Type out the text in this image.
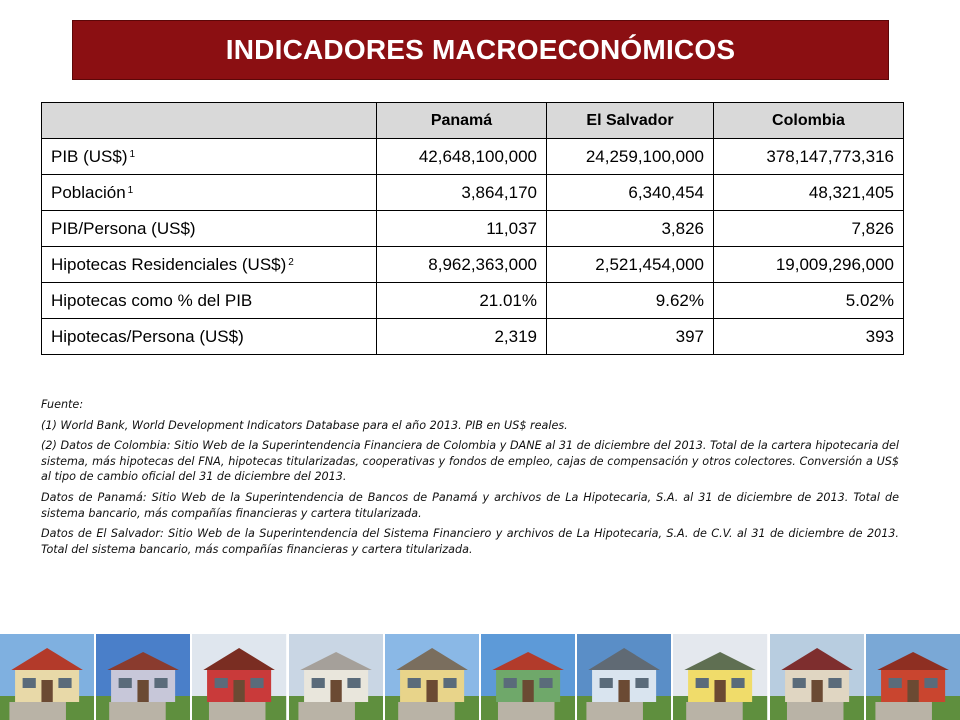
INDICADORES MACROECONÓMICOS
	Panamá	El Salvador	Colombia
PIB (US$) $^1$	42,648,100,000	24,259,100,000	378,147,773,316
Población $^1$	3,864,170	6,340,454	48,321,405
PIB/Persona (US$)	11,037	3,826	7,826
Hipotecas Residenciales (US$) $^2$	8,962,363,000	2,521,454,000	19,009,296,000
Hipotecas como % del PIB	21.01%	9.62%	5.02%
Hipotecas/Persona (US$)	2,319	397	393

Fuente:

(1) World Bank, World Development Indicators Database para el año 2013. PIB en US$ reales.

(2) Datos de Colombia: Sitio Web de la Superintendencia Financiera de Colombia y DANE al 31 de diciembre del 2013. Total de la cartera hipotecaria del sistema, más hipotecas del FNA, hipotecas titularizadas, cooperativas y fondos de empleo, cajas de compensación y otros colectores. Conversión a US$ al tipo de cambio oficial del 31 de diciembre del 2013.

Datos de Panamá: Sitio Web de la Superintendencia de Bancos de Panamá y archivos de La Hipotecaria, S.A. al 31 de diciembre de 2013. Total de sistema bancario, más compañías financieras y cartera titularizada.

Datos de El Salvador: Sitio Web de la Superintendencia del Sistema Financiero y archivos de La Hipotecaria, S.A. de C.V. al 31 de diciembre de 2013. Total del sistema bancario, más compañías financieras y cartera titularizada.
